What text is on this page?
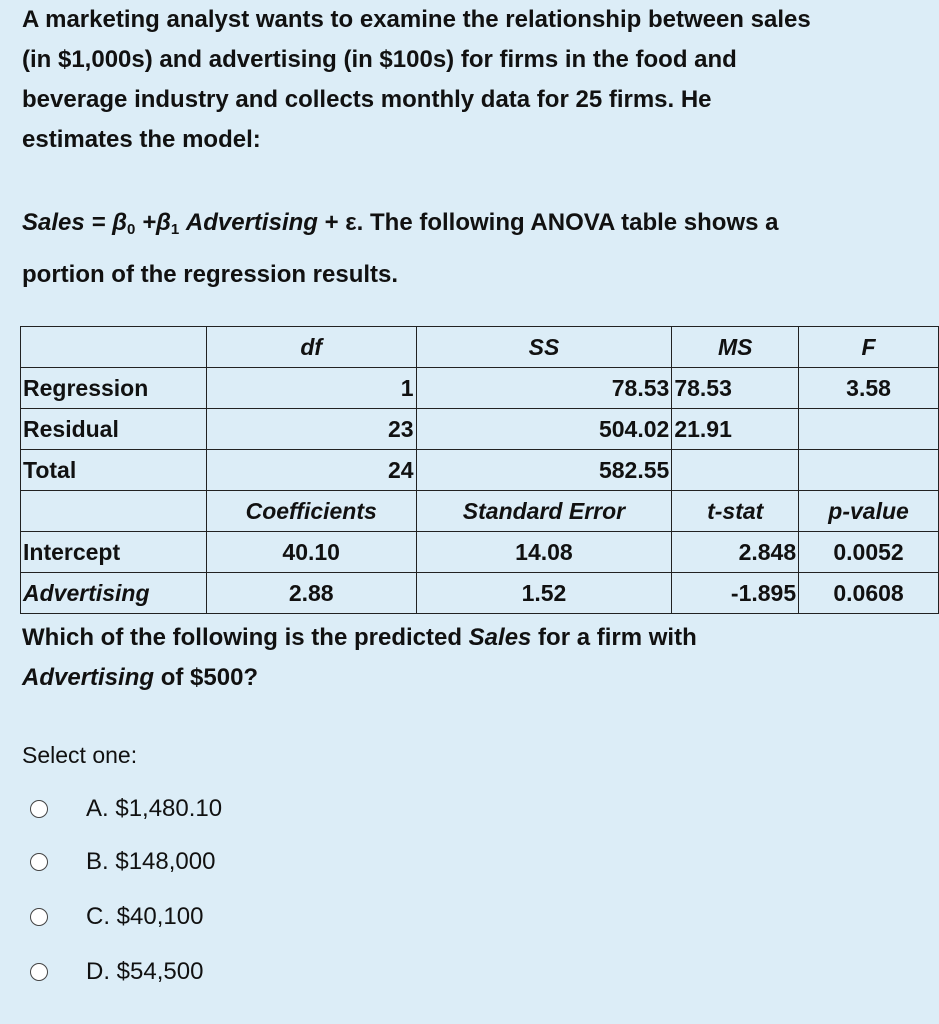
A marketing analyst wants to examine the relationship between sales
(in $1,000s) and advertising (in $100s) for firms in the food and
beverage industry and collects monthly data for 25 firms. He
estimates the model:
Sales = $\beta_0 +\beta_1$ Advertising + ε. The following ANOVA table shows a
portion of the regression results.
	df	SS	MS	F
Regression	1	78.53	78.53	3.58
Residual	23	504.02	21.91	
Total	24	582.55		
	Coefficients	Standard Error	t-stat	p-value
Intercept	40.10	14.08	2.848	0.0052
Advertising	2.88	1.52	-1.895	0.0608
Which of the following is the predicted Sales for a firm with
Advertising of $500?
Select one:
A. $1,480.10
B. $148,000
C. $40,100
D. $54,500
